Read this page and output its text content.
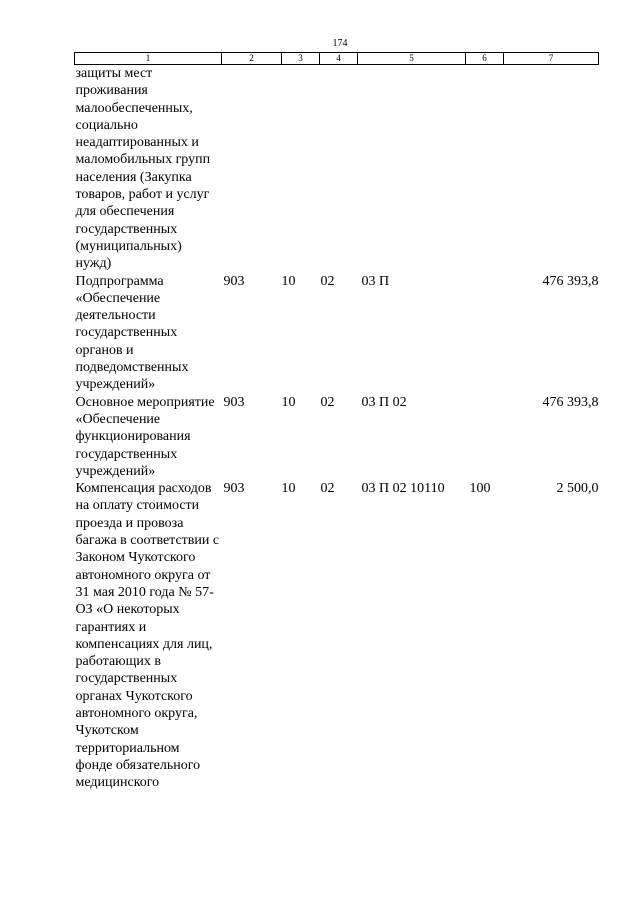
174
1	2	3	4	5	6	7
защиты мест проживания малообеспеченных, социально неадаптированных и маломобильных групп населения (Закупка товаров, работ и услуг для обеспечения государственных (муниципальных) нужд)						
Подпрограмма «Обеспечение деятельности государственных органов и подведомственных учреждений»	903	10	02	03 П		476 393,8
Основное мероприятие «Обеспечение функционирования государственных учреждений»	903	10	02	03 П 02		476 393,8
Компенсация расходов на оплату стоимости проезда и провоза багажа в соответствии с Законом Чукотского автономного округа от 31 мая 2010 года № 57-ОЗ «О некоторых гарантиях и компенсациях для лиц, работающих в государственных органах Чукотского автономного округа, Чукотском территориальном фонде обязательного медицинского	903	10	02	03 П 02 10110	100	2 500,0
